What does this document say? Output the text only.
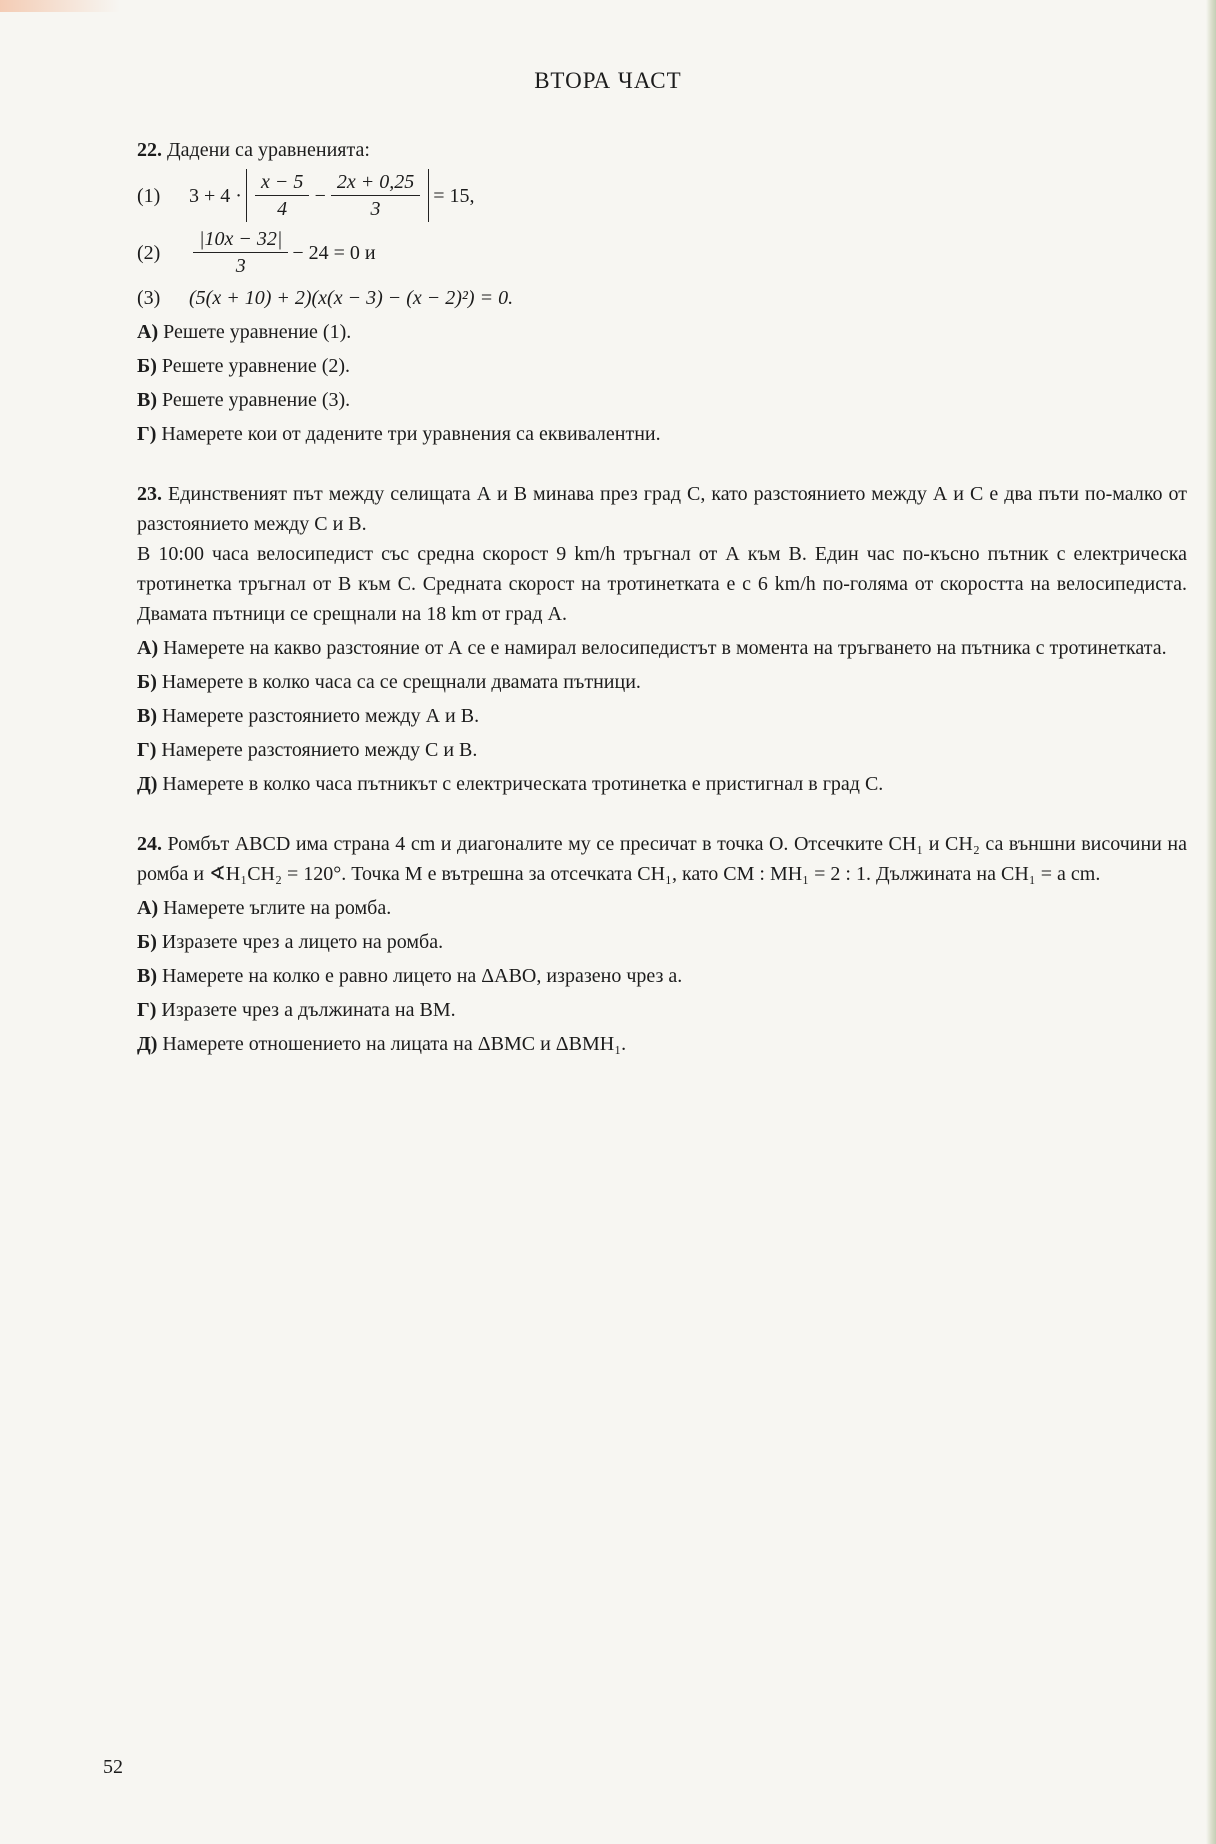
ВТОРА ЧАСТ

22. Дадени са уравненията:

(1)	$3 + 4 \cdot \frac{x - 5}{4} - \frac{2x + 0,25}{3} = 15$,
(2)	$\frac{|10x - 32|}{3} - 24 = 0$ и
(3)	(5(x + 10) + 2)(x(x − 3) − (x − 2)²) = 0.
А) Решете уравнение (1).
Б) Решете уравнение (2).
В) Решете уравнение (3).
Г) Намерете кои от дадените три уравнения са еквивалентни.

23. Единственият път между селищата А и В минава през град С, като разстоянието между А и С е два пъти по-малко от разстоянието между С и В.

В 10:00 часа велосипедист със средна скорост 9 km/h тръгнал от А към В. Един час по-късно пътник с електрическа тротинетка тръгнал от В към С. Средната скорост на тротинетката е с 6 km/h по-голяма от скоростта на велосипедиста. Двамата пътници се срещнали на 18 km от град А.

А) Намерете на какво разстояние от А се е намирал велосипедистът в момента на тръгването на пътника с тротинетката.
Б) Намерете в колко часа са се срещнали двамата пътници.
В) Намерете разстоянието между А и В.
Г) Намерете разстоянието между С и В.
Д) Намерете в колко часа пътникът с електрическата тротинетка е пристигнал в град С.

24. Ромбът ABCD има страна 4 cm и диагоналите му се пресичат в точка O. Отсечките CH₁ и CH₂ са външни височини на ромба и ∢H₁CH₂ = 120°. Точка M е вътрешна за отсечката CH₁, като CM : MH₁ = 2 : 1. Дължината на CH₁ = a cm.

А) Намерете ъглите на ромба.
Б) Изразете чрез a лицето на ромба.
В) Намерете на колко е равно лицето на ΔABO, изразено чрез a.
Г) Изразете чрез a дължината на BM.
Д) Намерете отношението на лицата на ΔBMC и ΔBMH₁.
52
